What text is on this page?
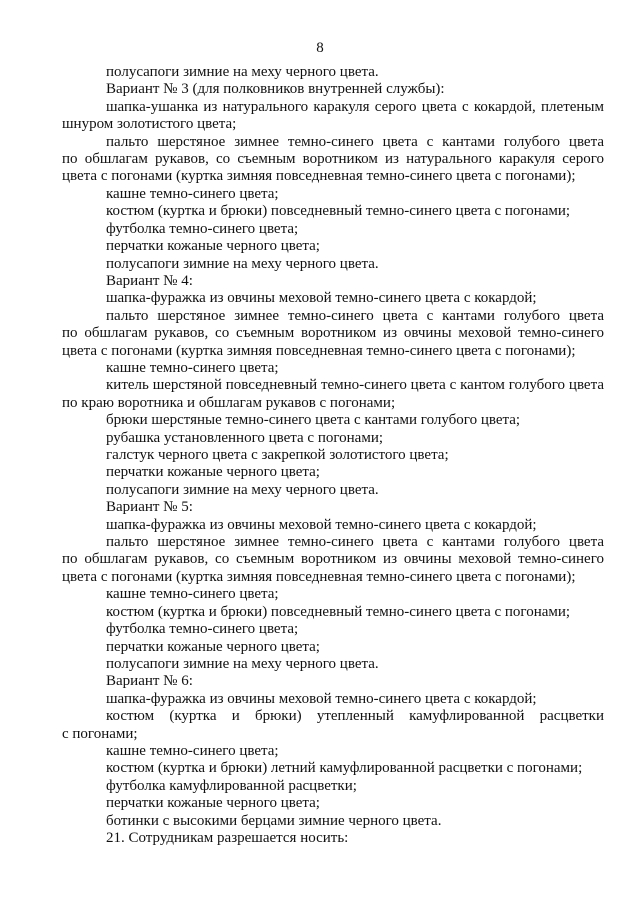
8
полусапоги зимние на меху черного цвета.
Вариант № 3 (для полковников внутренней службы):
шапка-ушанка из натурального каракуля серого цвета с кокардой, плетеным
шнуром золотистого цвета;
пальто шерстяное зимнее темно-синего цвета с кантами голубого цвета
по обшлагам рукавов, со съемным воротником из натурального каракуля серого
цвета с погонами (куртка зимняя повседневная темно-синего цвета с погонами);
кашне темно-синего цвета;
костюм (куртка и брюки) повседневный темно-синего цвета с погонами;
футболка темно-синего цвета;
перчатки кожаные черного цвета;
полусапоги зимние на меху черного цвета.
Вариант № 4:
шапка-фуражка из овчины меховой темно-синего цвета с кокардой;
пальто шерстяное зимнее темно-синего цвета с кантами голубого цвета
по обшлагам рукавов, со съемным воротником из овчины меховой темно-синего
цвета с погонами (куртка зимняя повседневная темно-синего цвета с погонами);
кашне темно-синего цвета;
китель шерстяной повседневный темно-синего цвета с кантом голубого цвета
по краю воротника и обшлагам рукавов с погонами;
брюки шерстяные темно-синего цвета с кантами голубого цвета;
рубашка установленного цвета с погонами;
галстук черного цвета с закрепкой золотистого цвета;
перчатки кожаные черного цвета;
полусапоги зимние на меху черного цвета.
Вариант № 5:
шапка-фуражка из овчины меховой темно-синего цвета с кокардой;
пальто шерстяное зимнее темно-синего цвета с кантами голубого цвета
по обшлагам рукавов, со съемным воротником из овчины меховой темно-синего
цвета с погонами (куртка зимняя повседневная темно-синего цвета с погонами);
кашне темно-синего цвета;
костюм (куртка и брюки) повседневный темно-синего цвета с погонами;
футболка темно-синего цвета;
перчатки кожаные черного цвета;
полусапоги зимние на меху черного цвета.
Вариант № 6:
шапка-фуражка из овчины меховой темно-синего цвета с кокардой;
костюм (куртка и брюки) утепленный камуфлированной расцветки
с погонами;
кашне темно-синего цвета;
костюм (куртка и брюки) летний камуфлированной расцветки с погонами;
футболка камуфлированной расцветки;
перчатки кожаные черного цвета;
ботинки с высокими берцами зимние черного цвета.
21. Сотрудникам разрешается носить:
